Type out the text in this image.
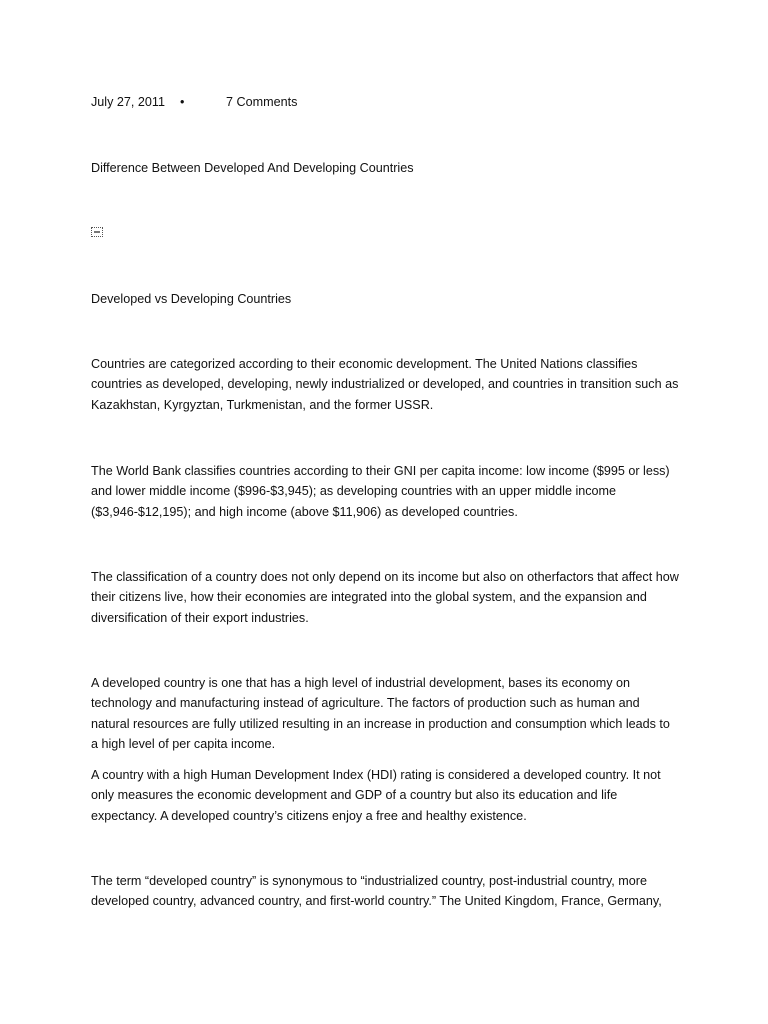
July 27, 2011 •	7 Comments
Difference Between Developed And Developing Countries
Developed vs Developing Countries

Countries are categorized according to their economic development. The United Nations classifies countries as developed, developing, newly industrialized or developed, and countries in transition such as Kazakhstan, Kyrgyztan, Turkmenistan, and the former USSR.

The World Bank classifies countries according to their GNI per capita income: low income ($995 or less) and lower middle income ($996-$3,945); as developing countries with an upper middle income ($3,946-$12,195); and high income (above $11,906) as developed countries.

The classification of a country does not only depend on its income but also on otherfactors that affect how their citizens live, how their economies are integrated into the global system, and the expansion and diversification of their export industries.

A developed country is one that has a high level of industrial development, bases its economy on technology and manufacturing instead of agriculture. The factors of production such as human and natural resources are fully utilized resulting in an increase in production and consumption which leads to a high level of per capita income.

A country with a high Human Development Index (HDI) rating is considered a developed country. It not only measures the economic development and GDP of a country but also its education and life expectancy. A developed country’s citizens enjoy a free and healthy existence.

The term “developed country” is synonymous to “industrialized country, post-industrial country, more developed country, advanced country, and first-world country.” The United Kingdom, France, Germany,
